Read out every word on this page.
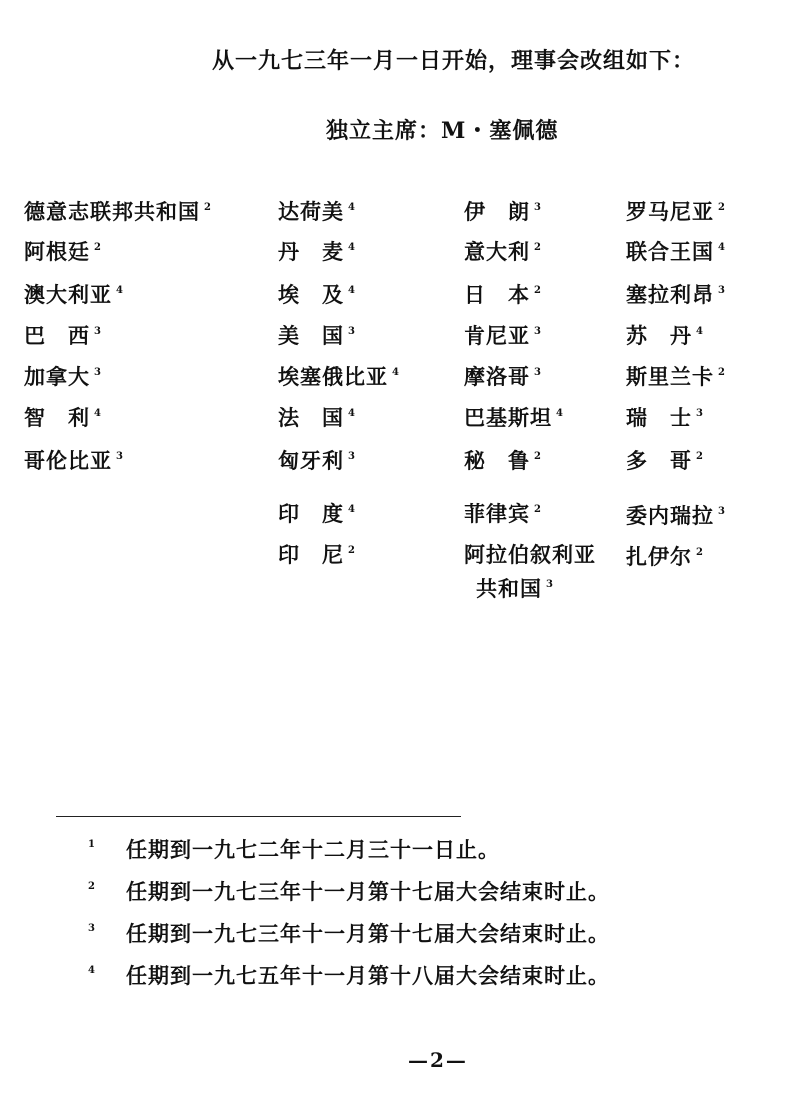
从一九七三年一月一日开始，理事会改组如下：
独立主席：M・塞佩德
德意志联邦共和国 $^2$
阿根廷 $^2$
澳大利亚 $^4$
巴　西 $^3$
加拿大 $^3$
智　利 $^4$
哥伦比亚 $^3$
达荷美 $^4$
丹　麦 $^4$
埃　及 $^4$
美　国 $^3$
埃塞俄比亚 $^4$
法　国 $^4$
匈牙利 $^3$
印　度 $^4$
印　尼 $^2$
伊　朗 $^3$
意大利 $^2$
日　本 $^2$
肯尼亚 $^3$
摩洛哥 $^3$
巴基斯坦 $^4$
秘　鲁 $^2$
菲律宾 $^2$
阿拉伯叙利亚
共和国 $^3$
罗马尼亚 $^2$
联合王国 $^4$
塞拉利昂 $^3$
苏　丹 $^4$
斯里兰卡 $^2$
瑞　士 $^3$
多　哥 $^2$
委内瑞拉 $^3$
扎伊尔 $^2$
1 任期到一九七二年十二月三十一日止。
2 任期到一九七三年十一月第十七届大会结束时止。
3 任期到一九七三年十一月第十七届大会结束时止。
4 任期到一九七五年十一月第十八届大会结束时止。
—2—
